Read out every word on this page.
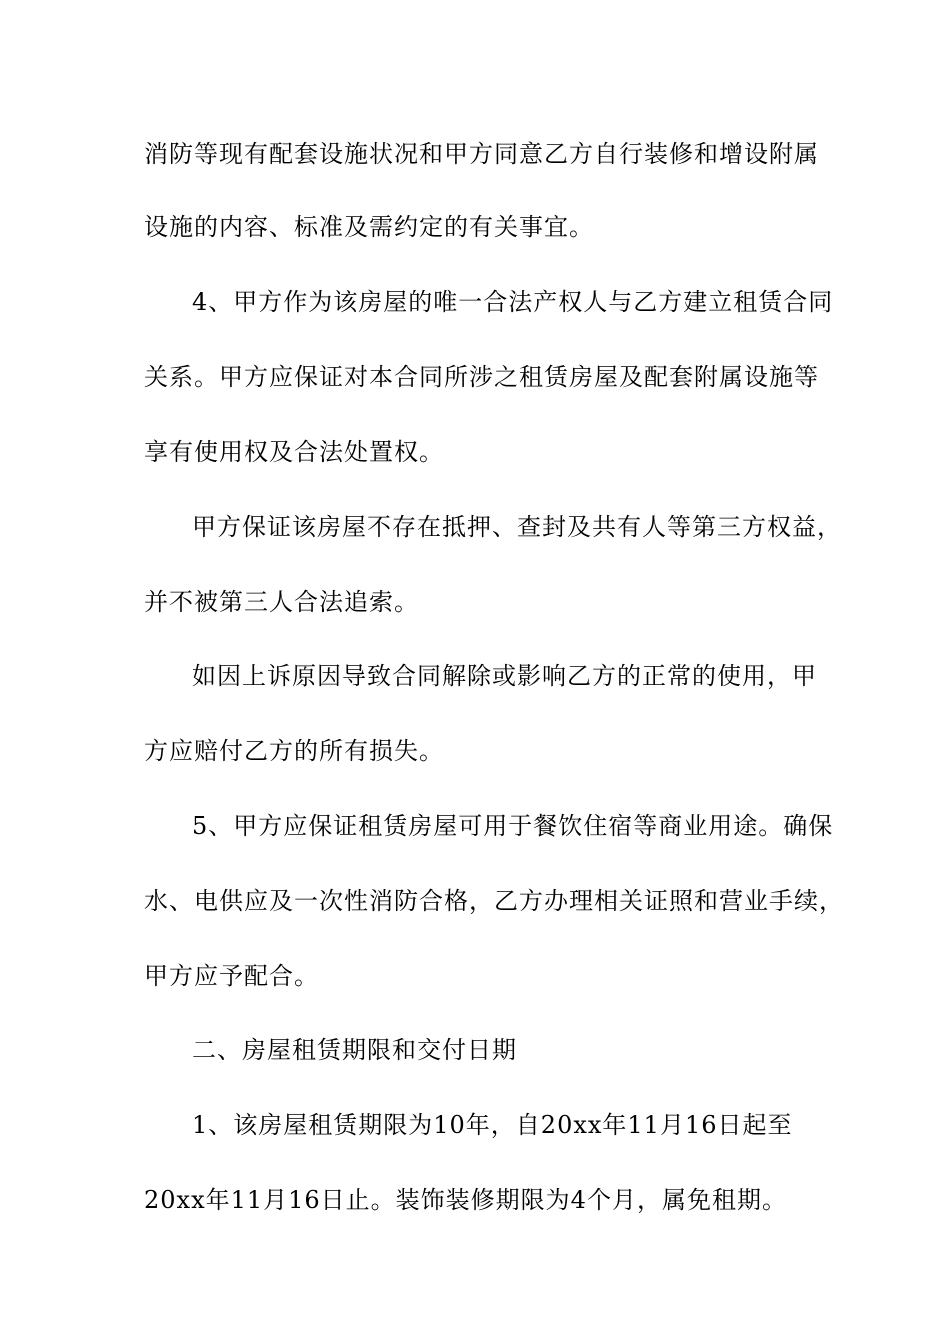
消防等现有配套设施状况和甲方同意乙方自行装修和增设附属
设施的内容、标准及需约定的有关事宜。
4、甲方作为该房屋的唯一合法产权人与乙方建立租赁合同
关系。甲方应保证对本合同所涉之租赁房屋及配套附属设施等
享有使用权及合法处置权。
甲方保证该房屋不存在抵押、查封及共有人等第三方权益，
并不被第三人合法追索。
如因上诉原因导致合同解除或影响乙方的正常的使用，甲
方应赔付乙方的所有损失。
5、甲方应保证租赁房屋可用于餐饮住宿等商业用途。确保
水、电供应及一次性消防合格，乙方办理相关证照和营业手续，
甲方应予配合。
二、房屋租赁期限和交付日期
1、该房屋租赁期限为10年，自20xx年11月16日起至
20xx年11月16日止。装饰装修期限为4个月，属免租期。
